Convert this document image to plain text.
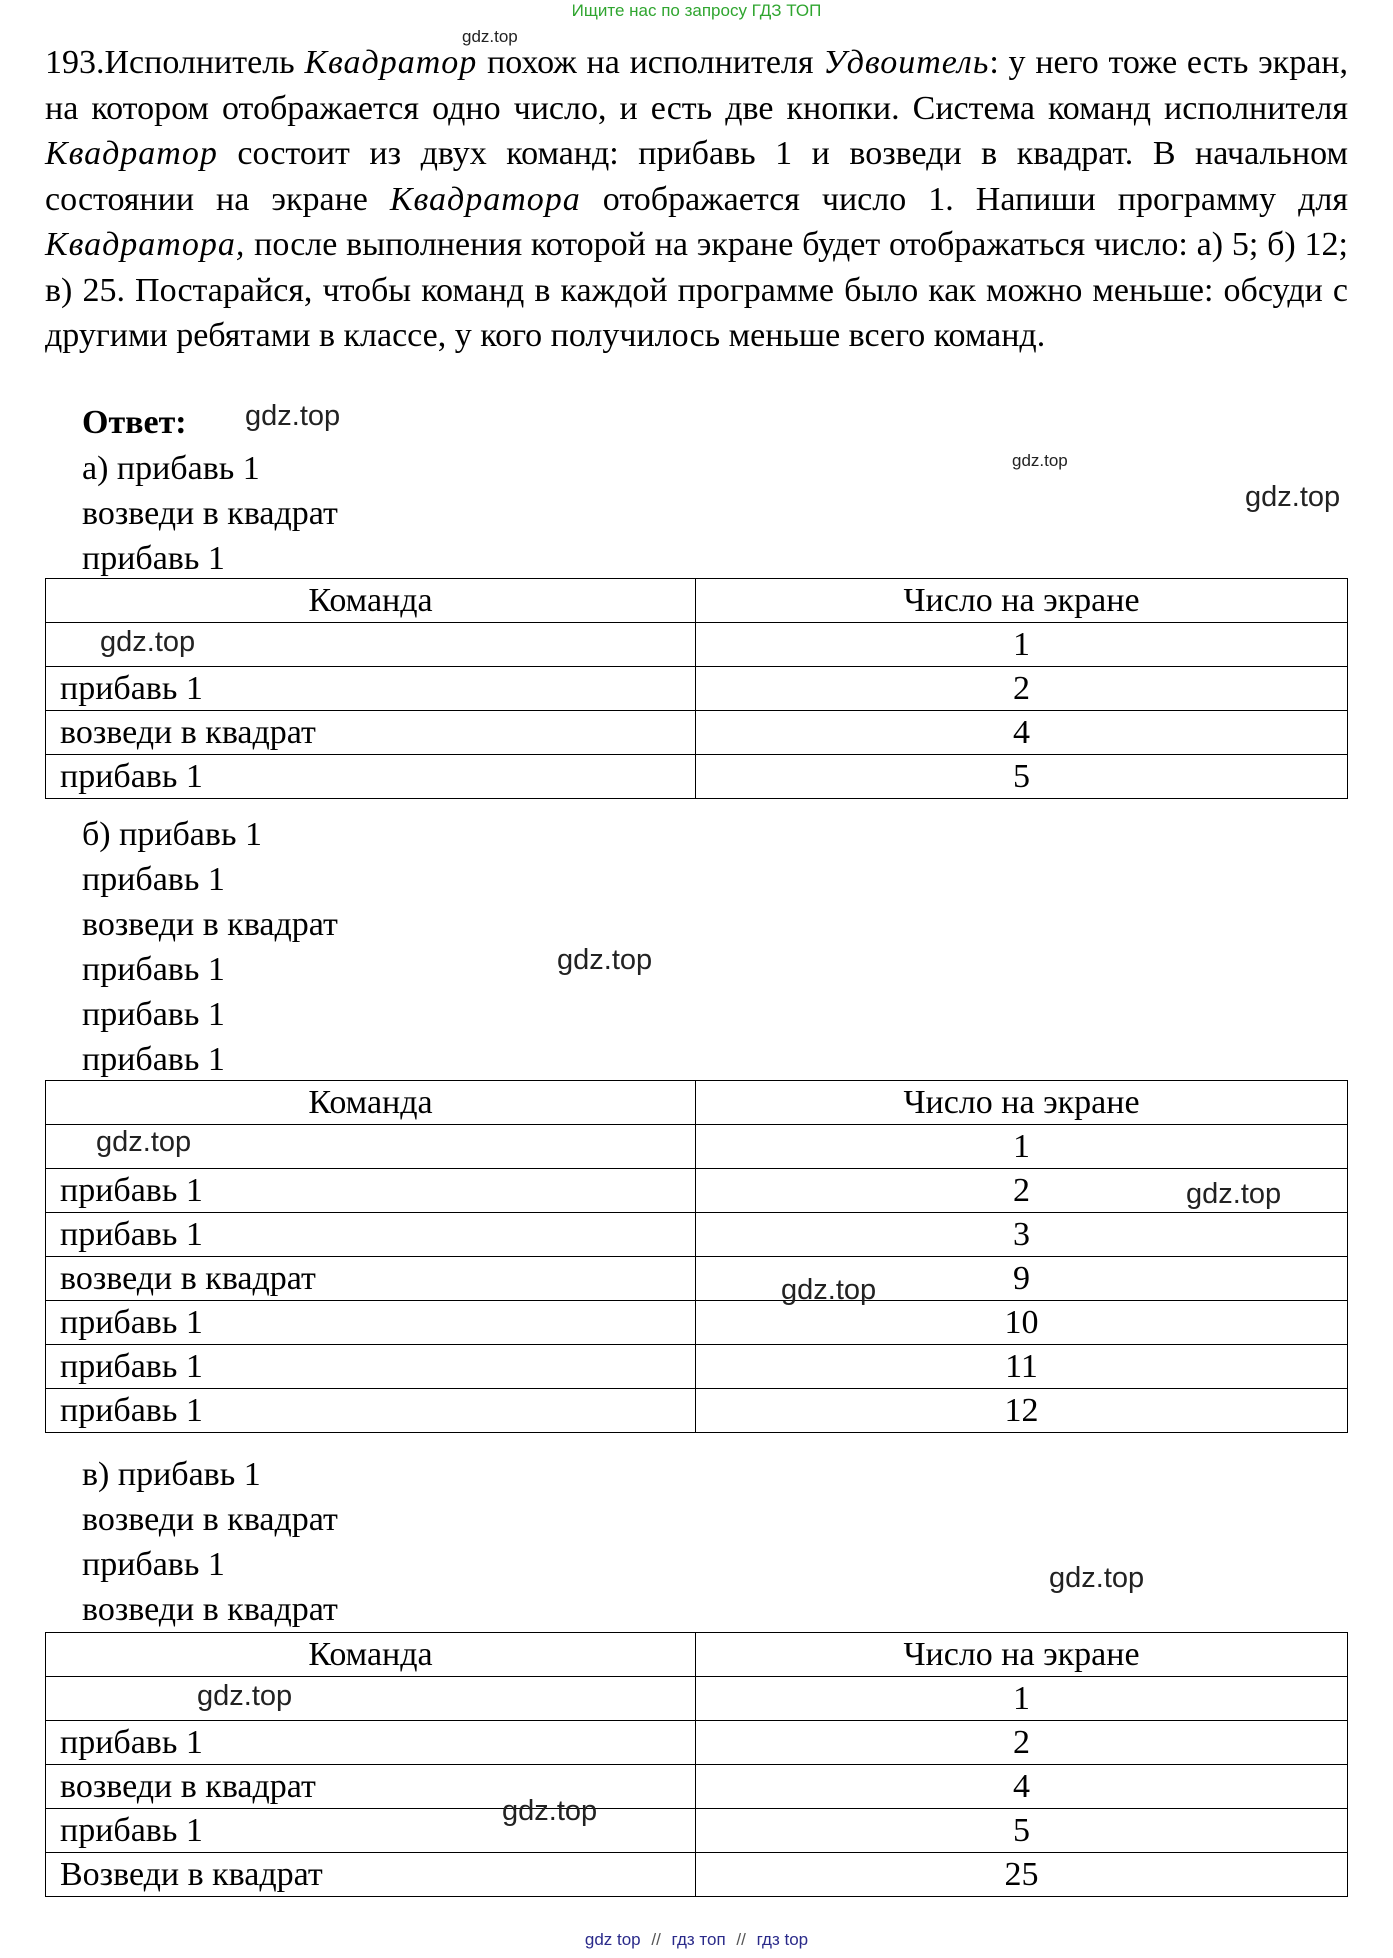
Ищите нас по запросу ГДЗ ТОП

193.Исполнитель Квадратор похож на исполнителя Удвоитель: у него тоже есть экран, на котором отображается одно число, и есть две кнопки. Система команд исполнителя Квадратор состоит из двух команд: прибавь 1 и возведи в квадрат. В начальном состоянии на экране Квадратора отображается число 1. Напиши программу для Квадратора, после выполнения которой на экране будет отображаться число: а) 5; б) 12; в) 25. Постарайся, чтобы команд в каждой программе было как можно меньше: обсуди с другими ребятами в классе, у кого получилось меньше всего команд.

Ответ:
а) прибавь 1
возведи в квадрат
прибавь 1
Команда	Число на экране
	1
прибавь 1	2
возведи в квадрат	4
прибавь 1	5
б) прибавь 1
прибавь 1
возведи в квадрат
прибавь 1
прибавь 1
прибавь 1
Команда	Число на экране
	1
прибавь 1	2
прибавь 1	3
возведи в квадрат	9
прибавь 1	10
прибавь 1	11
прибавь 1	12
в) прибавь 1
возведи в квадрат
прибавь 1
возведи в квадрат
Команда	Число на экране
	1
прибавь 1	2
возведи в квадрат	4
прибавь 1	5
Возведи в квадрат	25
gdz.top
gdz.top
gdz.top
gdz.top
gdz.top
gdz.top
gdz.top
gdz.top
gdz.top
gdz.top
gdz.top
gdz.top
gdz top // гдз топ // гдз top
